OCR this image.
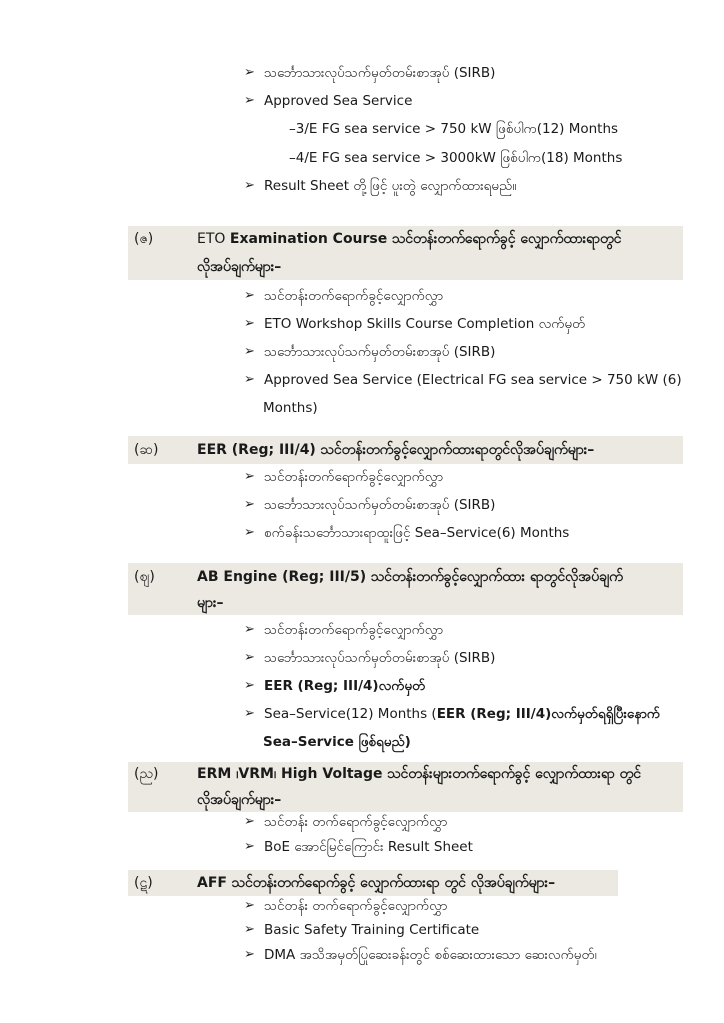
➢ သင်္ဘောသားလုပ်သက်မှတ်တမ်းစာအုပ် (SIRB)
➢ Approved Sea Service
–3/E FG sea service > 750 kW ဖြစ်ပါက(12) Months
–4/E FG sea service > 3000kW ဖြစ်ပါက(18) Months
➢ Result Sheet တို့ဖြင့် ပူးတွဲ လျှောက်ထားရမည်။
(ဇ)	ETO Examination Course သင်တန်းတက်ရောက်ခွင့် လျှောက်ထားရာတွင်
လိုအပ်ချက်များ–
➢ သင်တန်းတက်ရောက်ခွင့်လျှောက်လွှာ
➢ ETO Workshop Skills Course Completion လက်မှတ်
➢ သင်္ဘောသားလုပ်သက်မှတ်တမ်းစာအုပ် (SIRB)
➢ Approved Sea Service (Electrical FG sea service > 750 kW (6)
Months)
(ဆ)	EER (Reg; III/4) သင်တန်းတက်ခွင့်လျှောက်ထားရာတွင်လိုအပ်ချက်များ–
➢ သင်တန်းတက်ရောက်ခွင့်လျှောက်လွှာ
➢ သင်္ဘောသားလုပ်သက်မှတ်တမ်းစာအုပ် (SIRB)
➢ စက်ခန်းသင်္ဘောသားရာထူးဖြင့် Sea–Service(6) Months
(ဈ)	AB Engine (Reg; III/5) သင်တန်းတက်ခွင့်လျှောက်ထား ရာတွင်လိုအပ်ချက်
များ–
➢ သင်တန်းတက်ရောက်ခွင့်လျှောက်လွှာ
➢ သင်္ဘောသားလုပ်သက်မှတ်တမ်းစာအုပ် (SIRB)
➢ EER (Reg; III/4)လက်မှတ်
➢ Sea–Service(12) Months ( EER (Reg; III/4) လက်မှတ်ရရှိပြီးနောက်
Sea–Service ဖြစ်ရမည်)
(ည)	ERM ၊VRM၊ High Voltage သင်တန်းများတက်ရောက်ခွင့် လျှောက်ထားရာ တွင်
လိုအပ်ချက်များ–
➢ သင်တန်း တက်ရောက်ခွင့်လျှောက်လွှာ
➢ BoE အောင်မြင်ကြောင်း Result Sheet
(ဋ)	AFF သင်တန်းတက်ရောက်ခွင့် လျှောက်ထားရာ တွင် လိုအပ်ချက်များ–
➢ သင်တန်း တက်ရောက်ခွင့်လျှောက်လွှာ
➢ Basic Safety Training Certificate
➢ DMA အသိအမှတ်ပြုဆေးခန်းတွင် စစ်ဆေးထားသော ဆေးလက်မှတ်၊
